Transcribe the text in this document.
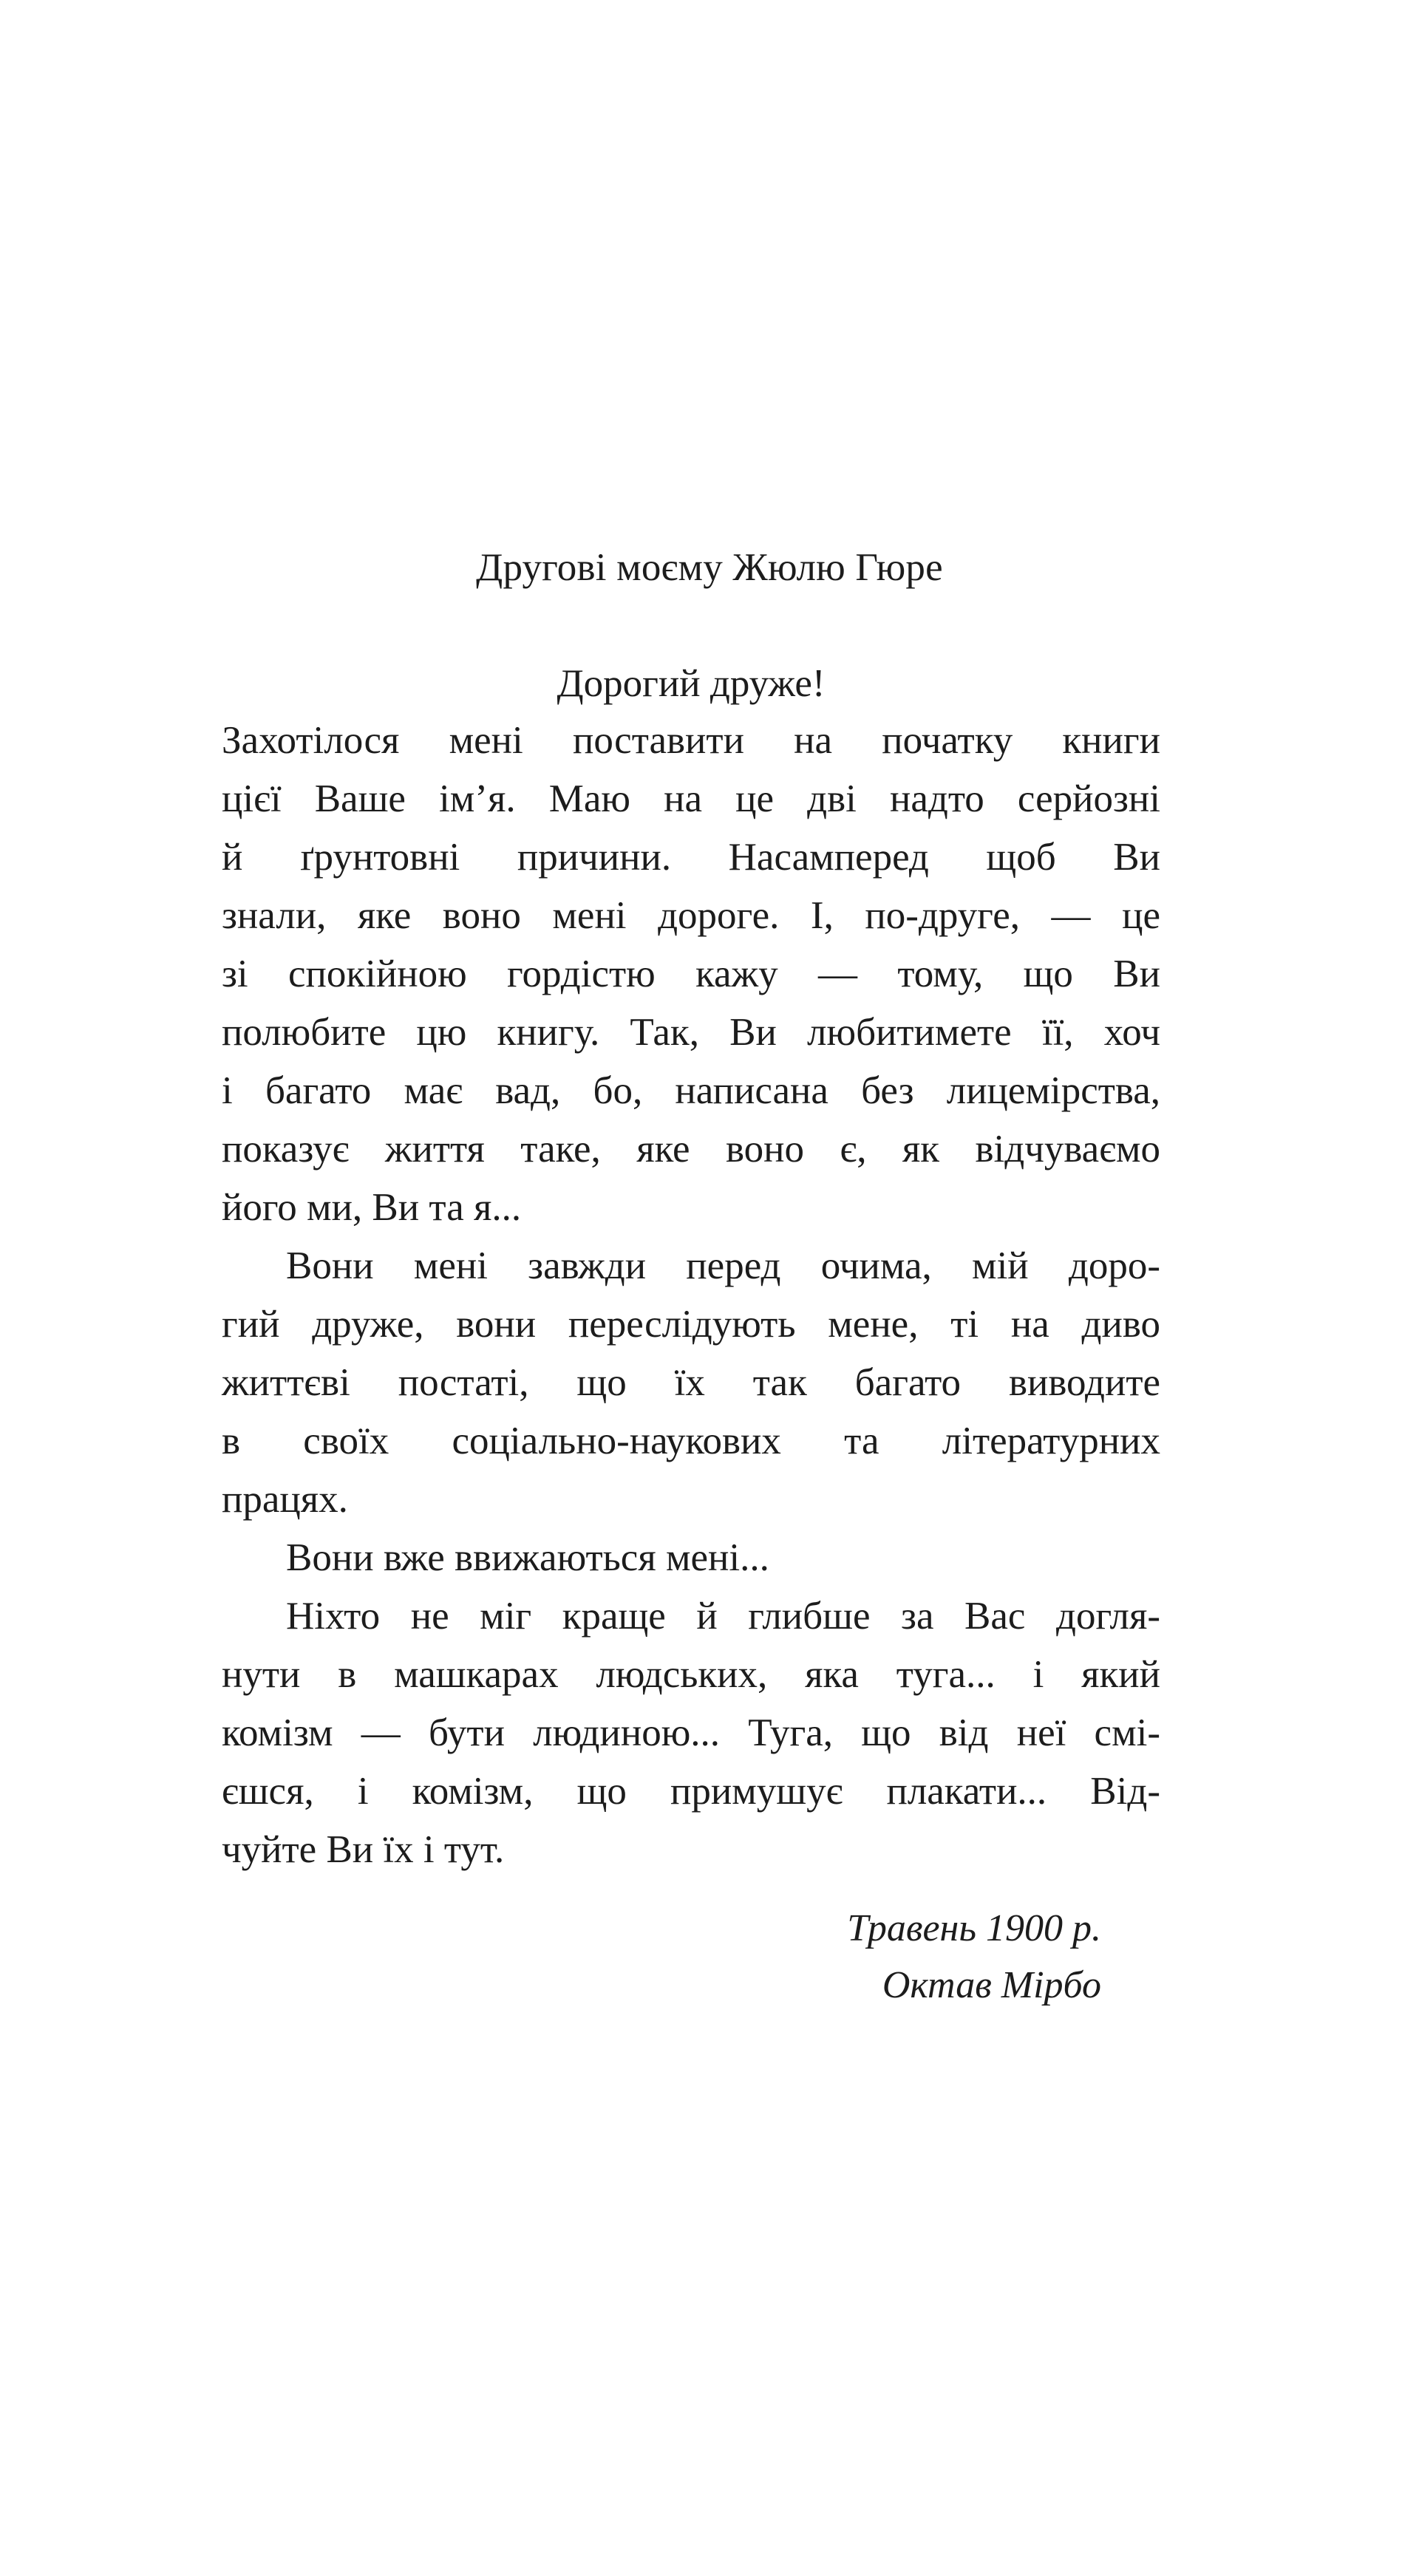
Другові моєму Жюлю Гюре
Дорогий друже!
Захотілося мені поставити на початку книги
цієї Ваше ім’я. Маю на це дві надто серйозні
й ґрунтовні причини. Насамперед щоб Ви
знали, яке воно мені дороге. І, по-друге, — це
зі спокійною гордістю кажу — тому, що Ви
полюбите цю книгу. Так, Ви любитимете її, хоч
і багато має вад, бо, написана без лицемірства,
показує життя таке, яке воно є, як відчуваємо
його ми, Ви та я...
Вони мені завжди перед очима, мій доро-
гий друже, вони переслідують мене, ті на диво
життєві постаті, що їх так багато виводите
в своїх соціально-наукових та літературних
працях.
Вони вже ввижаються мені...
Ніхто не міг краще й глибше за Вас догля-
нути в машкарах людських, яка туга... і який
комізм — бути людиною... Туга, що від неї смі-
єшся, і комізм, що примушує плакати... Від-
чуйте Ви їх і тут.
Травень 1900 р.
Октав Мірбо
